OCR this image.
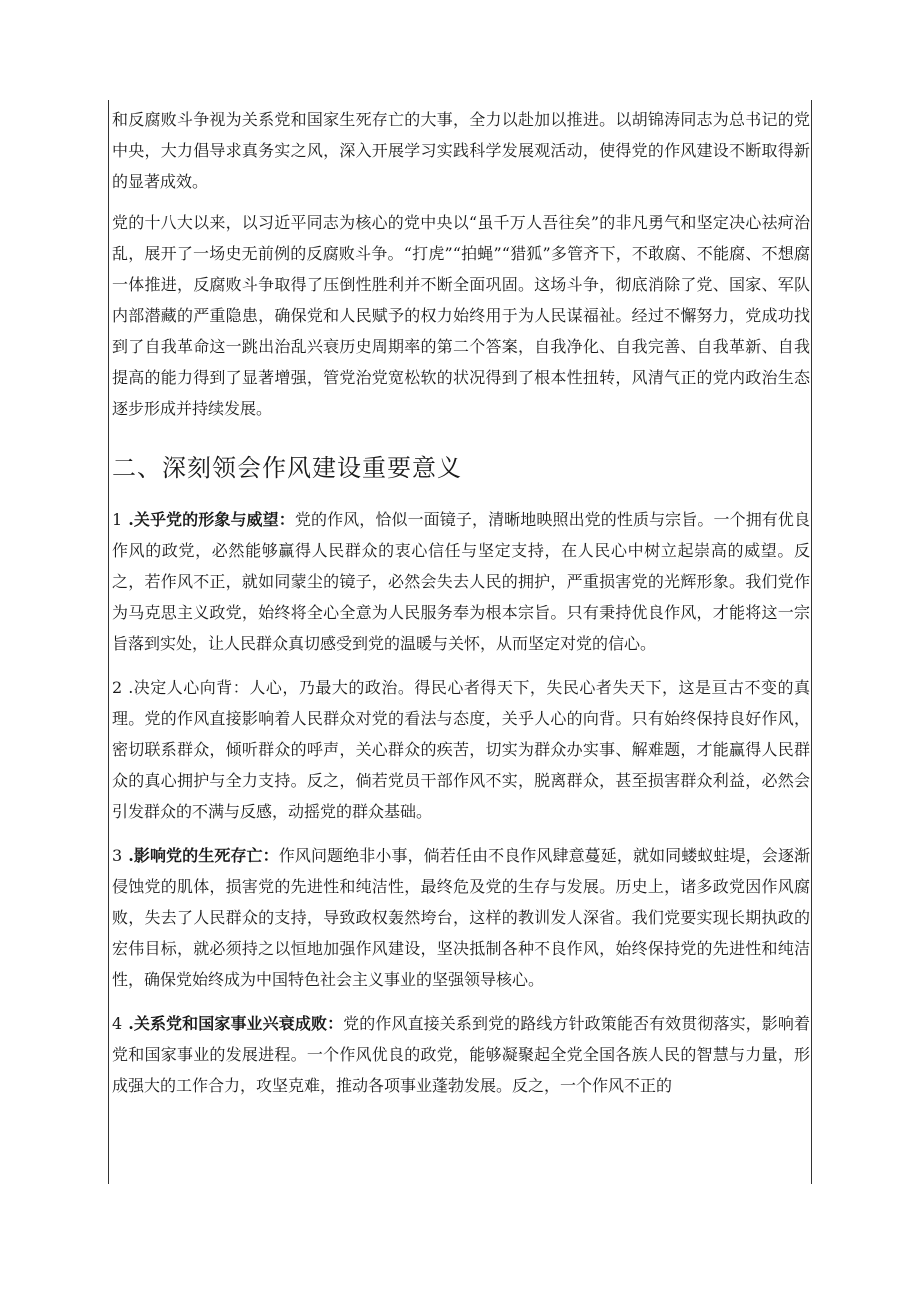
和反腐败斗争视为关系党和国家生死存亡的大事，全力以赴加以推进。以胡锦涛同志为总书记的党中央，大力倡导求真务实之风，深入开展学习实践科学发展观活动，使得党的作风建设不断取得新的显著成效。

党的十八大以来，以习近平同志为核心的党中央以“虽千万人吾往矣”的非凡勇气和坚定决心祛疴治乱，展开了一场史无前例的反腐败斗争。“打虎”“拍蝇”“猎狐”多管齐下，不敢腐、不能腐、不想腐一体推进，反腐败斗争取得了压倒性胜利并不断全面巩固。这场斗争，彻底消除了党、国家、军队内部潜藏的严重隐患，确保党和人民赋予的权力始终用于为人民谋福祉。经过不懈努力，党成功找到了自我革命这一跳出治乱兴衰历史周期率的第二个答案，自我净化、自我完善、自我革新、自我提高的能力得到了显著增强，管党治党宽松软的状况得到了根本性扭转，风清气正的党内政治生态逐步形成并持续发展。

二、深刻领会作风建设重要意义

1 .关乎党的形象与威望：党的作风，恰似一面镜子，清晰地映照出党的性质与宗旨。一个拥有优良作风的政党，必然能够赢得人民群众的衷心信任与坚定支持，在人民心中树立起崇高的威望。反之，若作风不正，就如同蒙尘的镜子，必然会失去人民的拥护，严重损害党的光辉形象。我们党作为马克思主义政党，始终将全心全意为人民服务奉为根本宗旨。只有秉持优良作风，才能将这一宗旨落到实处，让人民群众真切感受到党的温暖与关怀，从而坚定对党的信心。

2 .决定人心向背：人心，乃最大的政治。得民心者得天下，失民心者失天下，这是亘古不变的真理。党的作风直接影响着人民群众对党的看法与态度，关乎人心的向背。只有始终保持良好作风，密切联系群众，倾听群众的呼声，关心群众的疾苦，切实为群众办实事、解难题，才能赢得人民群众的真心拥护与全力支持。反之，倘若党员干部作风不实，脱离群众，甚至损害群众利益，必然会引发群众的不满与反感，动摇党的群众基础。

3 .影响党的生死存亡：作风问题绝非小事，倘若任由不良作风肆意蔓延，就如同蝼蚁蛀堤，会逐渐侵蚀党的肌体，损害党的先进性和纯洁性，最终危及党的生存与发展。历史上，诸多政党因作风腐败，失去了人民群众的支持，导致政权轰然垮台，这样的教训发人深省。我们党要实现长期执政的宏伟目标，就必须持之以恒地加强作风建设，坚决抵制各种不良作风，始终保持党的先进性和纯洁性，确保党始终成为中国特色社会主义事业的坚强领导核心。

4 .关系党和国家事业兴衰成败：党的作风直接关系到党的路线方针政策能否有效贯彻落实，影响着党和国家事业的发展进程。一个作风优良的政党，能够凝聚起全党全国各族人民的智慧与力量，形成强大的工作合力，攻坚克难，推动各项事业蓬勃发展。反之，一个作风不正的
